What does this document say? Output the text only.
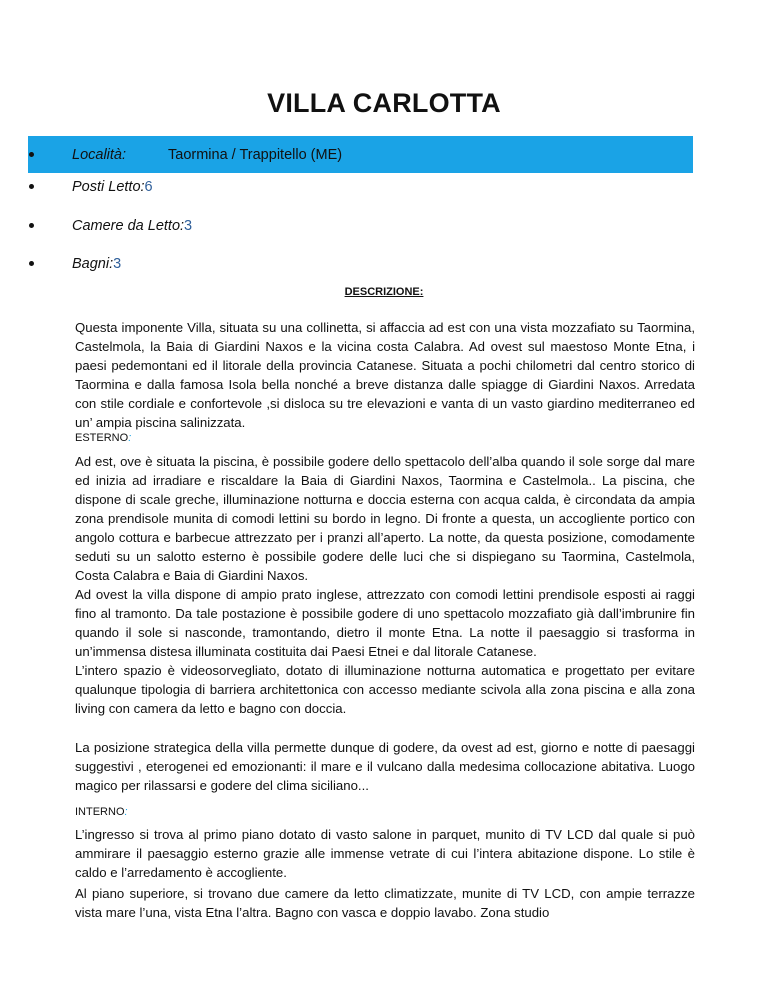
VILLA CARLOTTA
Località:	Taormina / Trappitello (ME)
Posti Letto:6
Camere da Letto:3
Bagni:3
DESCRIZIONE:

Questa imponente Villa, situata su una collinetta, si affaccia ad est con una vista mozzafiato su Taormina, Castelmola, la Baia di Giardini Naxos e la vicina costa Calabra. Ad ovest sul maestoso Monte Etna, i paesi pedemontani ed il litorale della provincia Catanese. Situata a pochi chilometri dal centro storico di Taormina e dalla famosa Isola bella nonché a breve distanza dalle spiagge di Giardini Naxos. Arredata con stile cordiale e confortevole ,si disloca su tre elevazioni e vanta di un vasto giardino mediterraneo ed un’ ampia piscina salinizzata.

ESTERNO:

Ad est, ove è situata la piscina, è possibile godere dello spettacolo dell’alba quando il sole sorge dal mare ed inizia ad irradiare e riscaldare la Baia di Giardini Naxos, Taormina e Castelmola.. La piscina, che dispone di scale greche, illuminazione notturna e doccia esterna con acqua calda, è circondata da ampia zona prendisole munita di comodi lettini su bordo in legno. Di fronte a questa, un accogliente portico con angolo cottura e barbecue attrezzato per i pranzi all’aperto. La notte, da questa posizione, comodamente seduti su un salotto esterno è possibile godere delle luci che si dispiegano su Taormina, Castelmola, Costa Calabra e Baia di Giardini Naxos.

Ad ovest la villa dispone di ampio prato inglese, attrezzato con comodi lettini prendisole esposti ai raggi fino al tramonto. Da tale postazione è possibile godere di uno spettacolo mozzafiato già dall’imbrunire fin quando il sole si nasconde, tramontando, dietro il monte Etna. La notte il paesaggio si trasforma in un’immensa distesa illuminata costituita dai Paesi Etnei e dal litorale Catanese.

L’intero spazio è videosorvegliato, dotato di illuminazione notturna automatica e progettato per evitare qualunque tipologia di barriera architettonica con accesso mediante scivola alla zona piscina e alla zona living con camera da letto e bagno con doccia.

La posizione strategica della villa permette dunque di godere, da ovest ad est, giorno e notte di paesaggi suggestivi , eterogenei ed emozionanti: il mare e il vulcano dalla medesima collocazione abitativa. Luogo magico per rilassarsi e godere del clima siciliano...

INTERNO:

L’ingresso si trova al primo piano dotato di vasto salone in parquet, munito di TV LCD dal quale si può ammirare il paesaggio esterno grazie alle immense vetrate di cui l’intera abitazione dispone. Lo stile è caldo e l’arredamento è accogliente.

Al piano superiore, si trovano due camere da letto climatizzate, munite di TV LCD, con ampie terrazze vista mare l’una, vista Etna l’altra. Bagno con vasca e doppio lavabo. Zona studio
